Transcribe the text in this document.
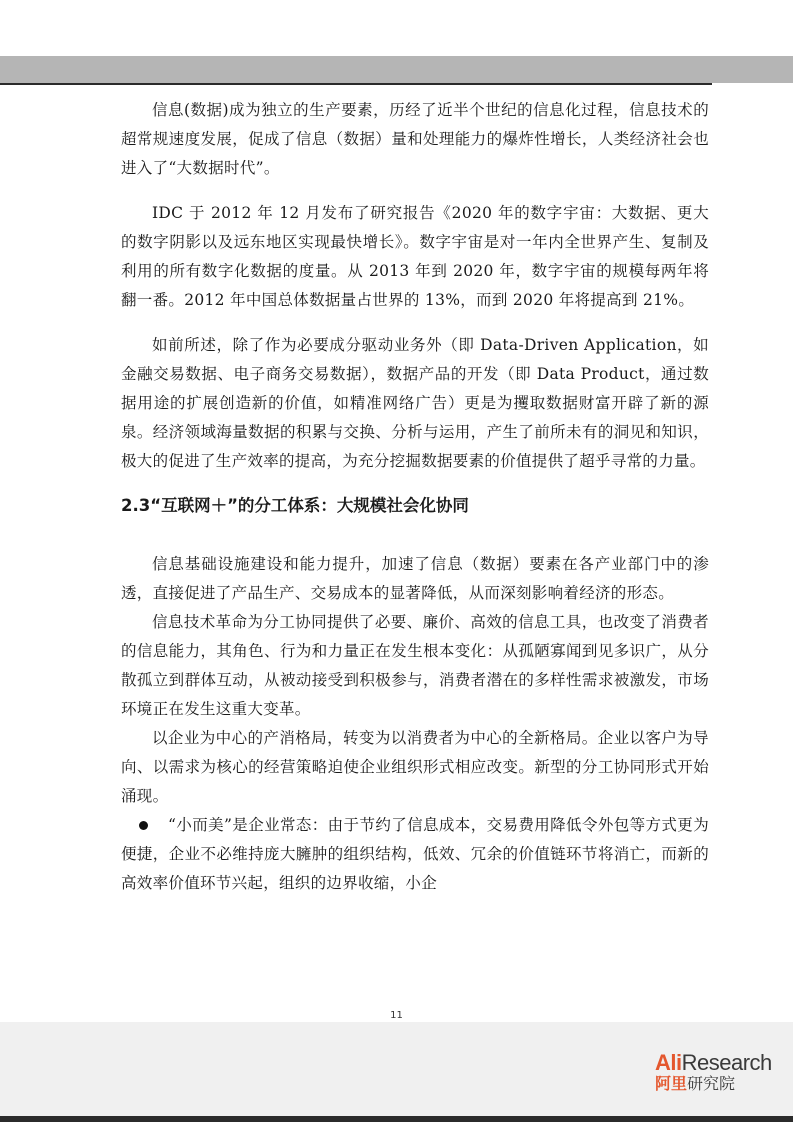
信息(数据)成为独立的生产要素，历经了近半个世纪的信息化过程，信息技术的超常规速度发展，促成了信息（数据）量和处理能力的爆炸性增长，人类经济社会也进入了“大数据时代”。

IDC 于 2012 年 12 月发布了研究报告《2020 年的数字宇宙：大数据、更大的数字阴影以及远东地区实现最快增长》。数字宇宙是对一年内全世界产生、复制及利用的所有数字化数据的度量。从 2013 年到 2020 年，数字宇宙的规模每两年将翻一番。2012 年中国总体数据量占世界的 13%，而到 2020 年将提高到 21%。

如前所述，除了作为必要成分驱动业务外（即 Data-Driven Application，如金融交易数据、电子商务交易数据），数据产品的开发（即 Data Product，通过数据用途的扩展创造新的价值，如精准网络广告）更是为攫取数据财富开辟了新的源泉。经济领域海量数据的积累与交换、分析与运用，产生了前所未有的洞见和知识，极大的促进了生产效率的提高，为充分挖掘数据要素的价值提供了超乎寻常的力量。

2.3“互联网＋”的分工体系：大规模社会化协同

信息基础设施建设和能力提升，加速了信息（数据）要素在各产业部门中的渗透，直接促进了产品生产、交易成本的显著降低，从而深刻影响着经济的形态。

信息技术革命为分工协同提供了必要、廉价、高效的信息工具，也改变了消费者的信息能力，其角色、行为和力量正在发生根本变化：从孤陋寡闻到见多识广，从分散孤立到群体互动，从被动接受到积极参与，消费者潜在的多样性需求被激发，市场环境正在发生这重大变革。

以企业为中心的产消格局，转变为以消费者为中心的全新格局。企业以客户为导向、以需求为核心的经营策略迫使企业组织形式相应改变。新型的分工协同形式开始涌现。

“小而美”是企业常态：由于节约了信息成本，交易费用降低令外包等方式更为便捷，企业不必维持庞大臃肿的组织结构，低效、冗余的价值链环节将消亡，而新的高效率价值环节兴起，组织的边界收缩，小企

11
AliResearch
阿里研究院
